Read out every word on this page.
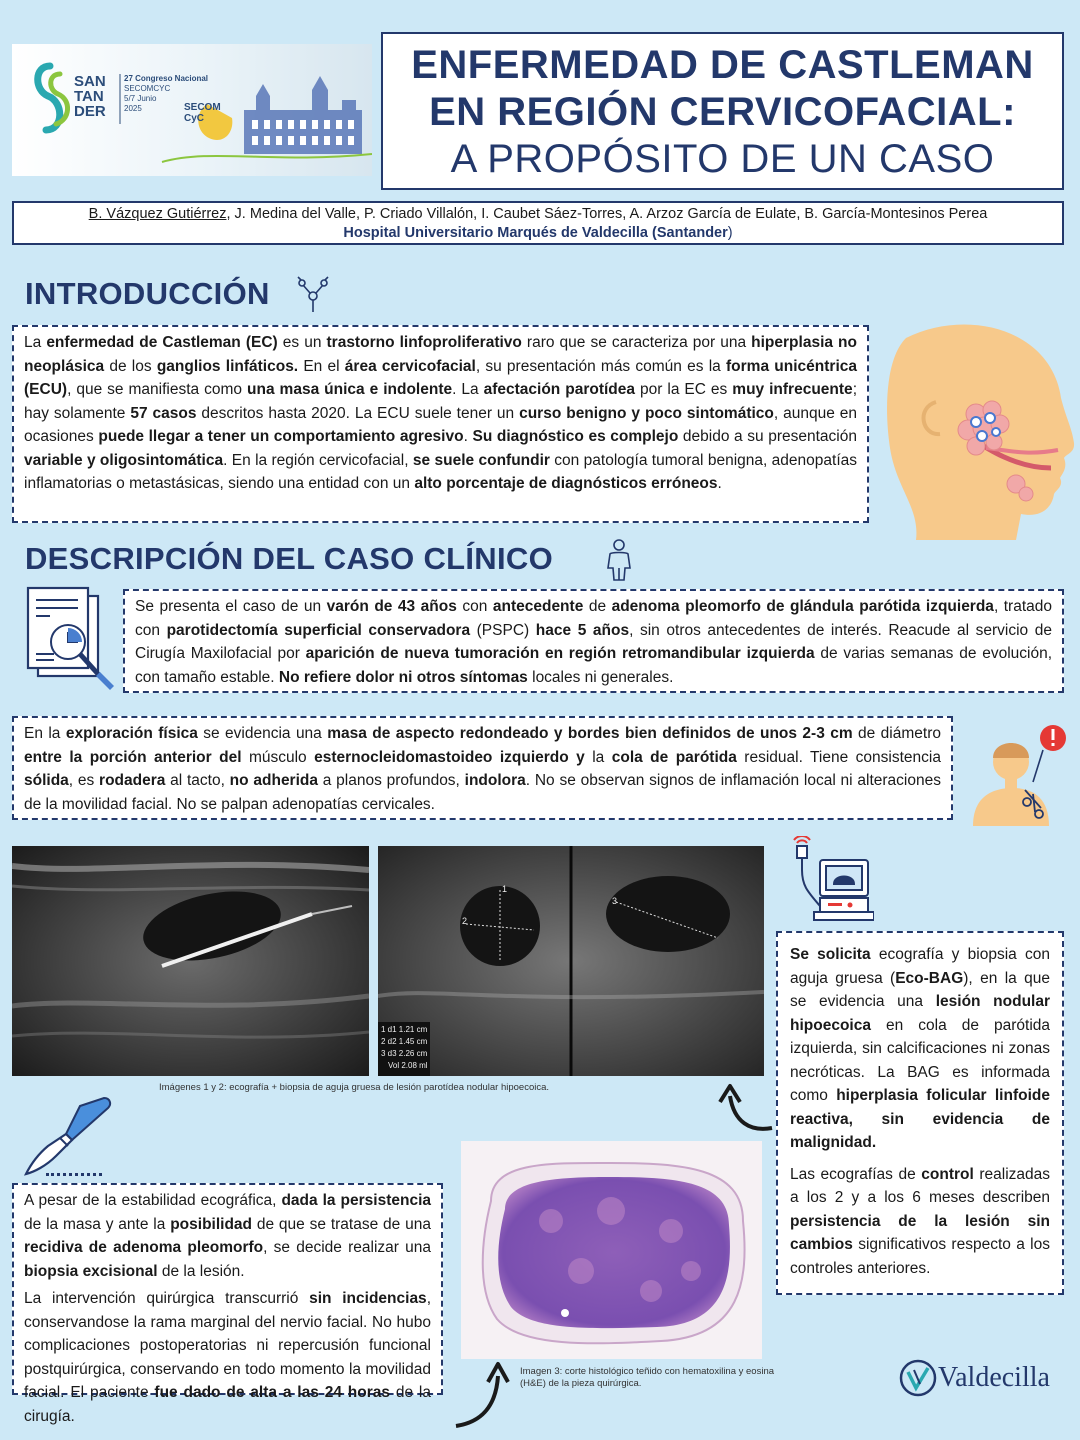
SAN
TAN
DER
27 Congreso Nacional
SECOMCYC
5/7 Junio
2025	SECOM
CyC
ENFERMEDAD DE CASTLEMAN
EN REGIÓN CERVICOFACIAL:
A PROPÓSITO DE UN CASO
B. Vázquez Gutiérrez, J. Medina del Valle, P. Criado Villalón, I. Caubet Sáez-Torres, A. Arzoz García de Eulate, B. García-Montesinos Perea
Hospital Universitario Marqués de Valdecilla (Santander)
INTRODUCCIÓN

La enfermedad de Castleman (EC) es un trastorno linfoproliferativo raro que se caracteriza por una hiperplasia no neoplásica de los ganglios linfáticos. En el área cervicofacial, su presentación más común es la forma unicéntrica (ECU), que se manifiesta como una masa única e indolente. La afectación parotídea por la EC es muy infrecuente; hay solamente 57 casos descritos hasta 2020. La ECU suele tener un curso benigno y poco sintomático, aunque en ocasiones puede llegar a tener un comportamiento agresivo. Su diagnóstico es complejo debido a su presentación variable y oligosintomática. En la región cervicofacial, se suele confundir con patología tumoral benigna, adenopatías inflamatorias o metastásicas, siendo una entidad con un alto porcentaje de diagnósticos erróneos.

DESCRIPCIÓN DEL CASO CLÍNICO

Se presenta el caso de un varón de 43 años con antecedente de adenoma pleomorfo de glándula parótida izquierda, tratado con parotidectomía superficial conservadora (PSPC) hace 5 años, sin otros antecedentes de interés. Reacude al servicio de Cirugía Maxilofacial por aparición de nueva tumoración en región retromandibular izquierda de varias semanas de evolución, con tamaño estable. No refiere dolor ni otros síntomas locales ni generales.

En la exploración física se evidencia una masa de aspecto redondeado y bordes bien definidos de unos 2-3 cm de diámetro entre la porción anterior del músculo esternocleidomastoideo izquierdo y la cola de parótida residual. Tiene consistencia sólida, es rodadera al tacto, no adherida a planos profundos, indolora. No se observan signos de inflamación local ni alteraciones de la movilidad facial. No se palpan adenopatías cervicales.

1
2
3
1 d1 1.21 cm
2 d2 1.45 cm
3 d3 2.26 cm
Vol 2.08 ml
Imágenes 1 y 2: ecografía + biopsia de aguja gruesa de lesión parotídea nodular hipoecoica.

Se solicita ecografía y biopsia con aguja gruesa (Eco-BAG), en la que se evidencia una lesión nodular hipoecoica en cola de parótida izquierda, sin calcificaciones ni zonas necróticas. La BAG es informada como hiperplasia folicular linfoide reactiva, sin evidencia de malignidad.

Las ecografías de control realizadas a los 2 y a los 6 meses describen persistencia de la lesión sin cambios significativos respecto a los controles anteriores.

A pesar de la estabilidad ecográfica, dada la persistencia de la masa y ante la posibilidad de que se tratase de una recidiva de adenoma pleomorfo, se decide realizar una biopsia excisional de la lesión.

La intervención quirúrgica transcurrió sin incidencias, conservandose la rama marginal del nervio facial. No hubo complicaciones postoperatorias ni repercusión funcional postquirúrgica, conservando en todo momento la movilidad facial. El paciente fue dado de alta a las 24 horas de la cirugía.

Imagen 3: corte histológico teñido con hematoxilina y eosina (H&E) de la pieza quirúrgica.	Valdecilla
